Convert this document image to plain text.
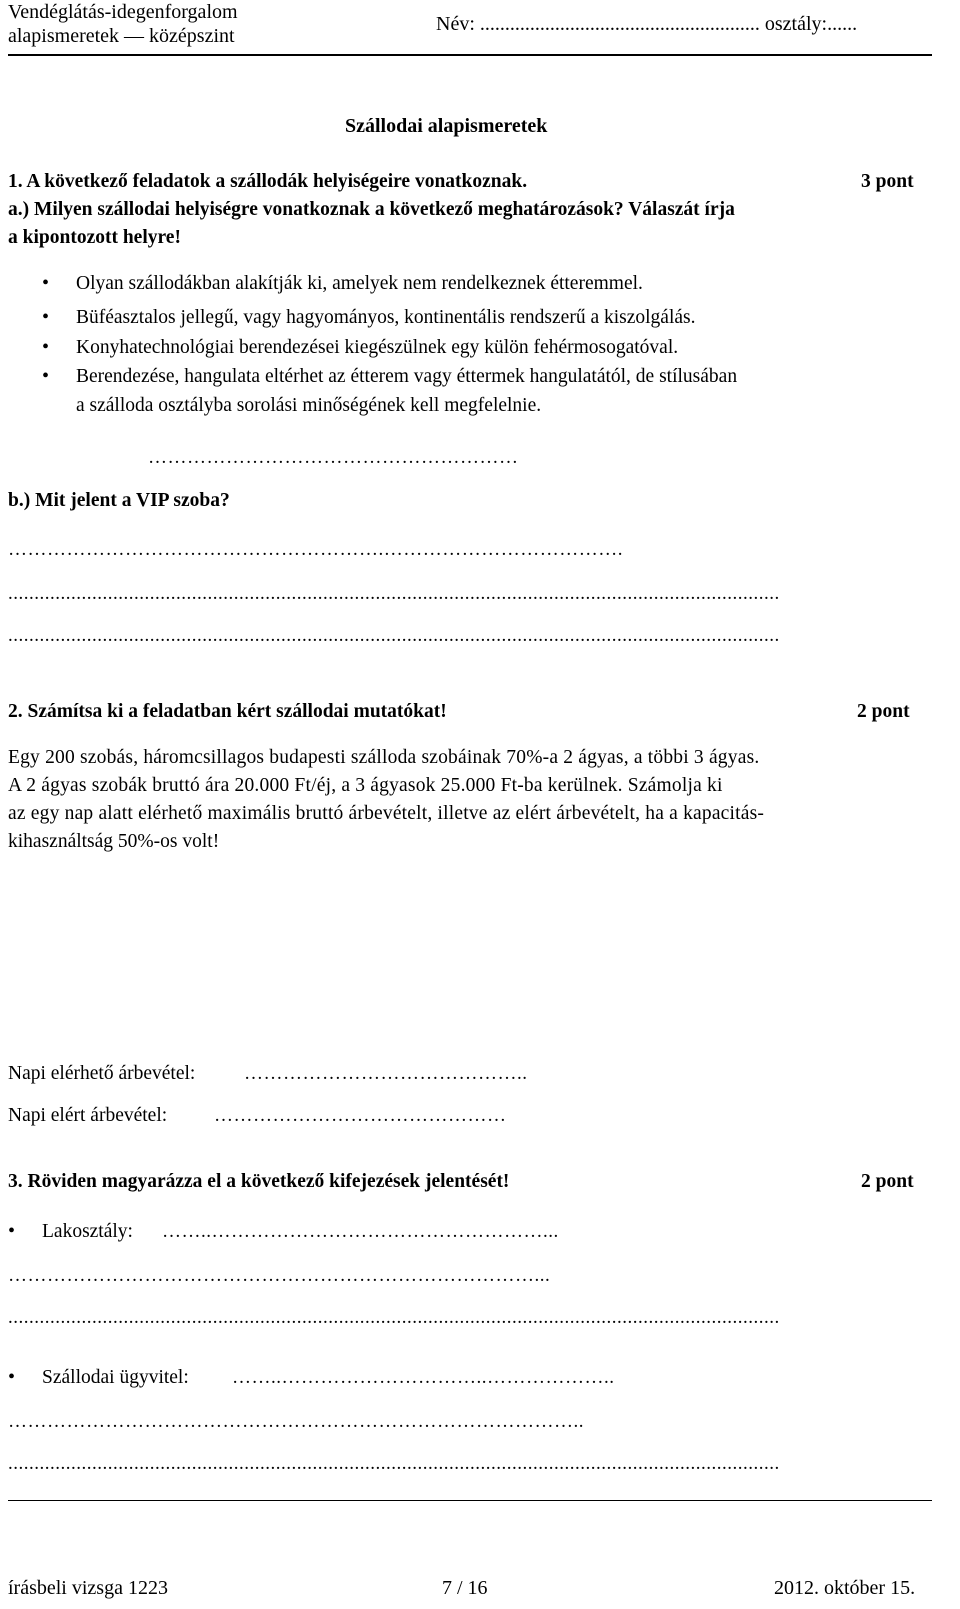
Vendéglátás-idegenforgalom
alapismeretek — középszint
Név: ........................................................ osztály:......
Szállodai alapismeretek
1. A következő feladatok a szállodák helyiségeire vonatkoznak.	3 pont
a.) Milyen szállodai helyiségre vonatkoznak a következő meghatározások? Válaszát írja
a kipontozott helyre!
• Olyan szállodákban alakítják ki, amelyek nem rendelkeznek étteremmel.
• Büféasztalos jellegű, vagy hagyományos, kontinentális rendszerű a kiszolgálás.
• Konyhatechnológiai berendezései kiegészülnek egy külön fehérmosogatóval.
• Berendezése, hangulata eltérhet az étterem vagy éttermek hangulatától, de stílusában
a szálloda osztályba sorolási minőségének kell megfelelnie.
…………………………………………………
b.) Mit jelent a VIP szoba?
………………………………………………….……………………………….
...................................................................................................................................................
...................................................................................................................................................
2. Számítsa ki a feladatban kért szállodai mutatókat!	2 pont
Egy 200 szobás, háromcsillagos budapesti szálloda szobáinak 70%-a 2 ágyas, a többi 3 ágyas.
A 2 ágyas szobák bruttó ára 20.000 Ft/éj, a 3 ágyasok 25.000 Ft-ba kerülnek. Számolja ki
az egy nap alatt elérhető maximális bruttó árbevételt, illetve az elért árbevételt, ha a kapacitás-
kihasználtság 50%-os volt!
Napi elérhető árbevétel:	……………………………………..
Napi elért árbevétel: ………………………………………
3. Röviden magyarázza el a következő kifejezések jelentését!	2 pont
• Lakosztály: ……..……………………………………………...
………………………………………………………………………...
...................................................................................................................................................
• Szállodai ügyvitel: ……..…………………………..………………..
……………………………………………………………………………..
...................................................................................................................................................
írásbeli vizsga 1223	7 / 16	2012. október 15.
